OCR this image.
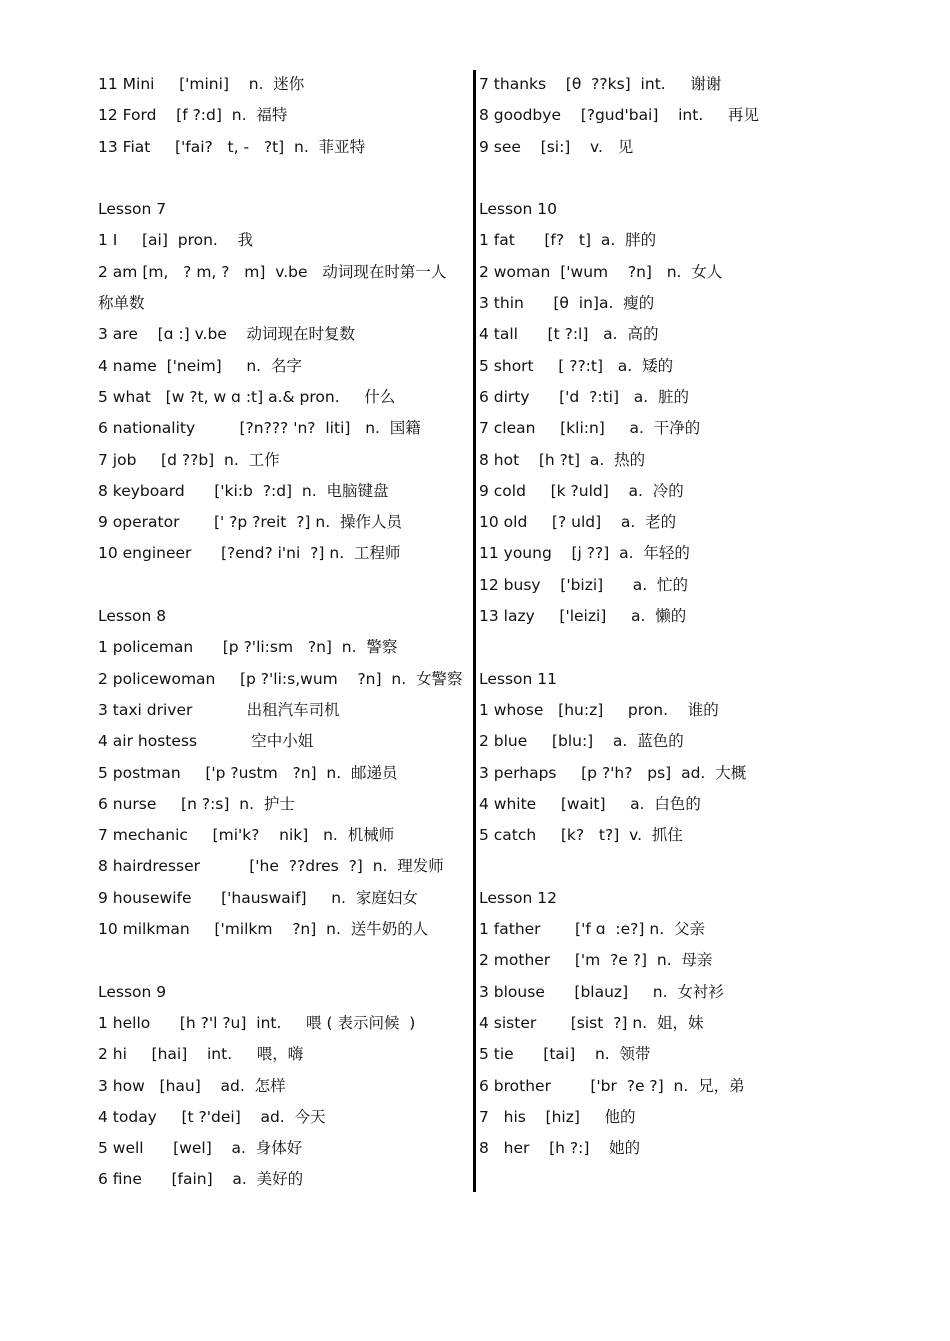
11 Mini     ['mini]    n.  迷你
12 Ford    [f ?:d]  n.  福特
13 Fiat     ['fai?   t, -   ?t]  n.  菲亚特
Lesson 7
1 I     [ai]  pron.    我
2 am [m,   ? m, ?   m]  v.be   动词现在时第一人
称单数
3 are    [ɑ :] v.be    动词现在时复数
4 name  ['neim]     n.  名字
5 what   [w ?t, w ɑ :t] a.& pron.     什么
6 nationality         [?n??? 'n?  liti]   n.  国籍
7 job     [d ??b]  n.  工作
8 keyboard      ['ki:b  ?:d]  n.  电脑键盘
9 operator       [' ?p ?reit  ?] n.  操作人员
10 engineer      [?end? i'ni  ?] n.  工程师
Lesson 8
1 policeman      [p ?'li:sm   ?n]  n.  警察
2 policewoman     [p ?'li:s,wum    ?n]  n.  女警察
3 taxi driver           出租汽车司机
4 air hostess           空中小姐
5 postman     ['p ?ustm   ?n]  n.  邮递员
6 nurse     [n ?:s]  n.  护士
7 mechanic     [mi'k?    nik]   n.  机械师
8 hairdresser          ['he  ??dres  ?]  n.  理发师
9 housewife      ['hauswaif]     n.  家庭妇女
10 milkman     ['milkm    ?n]  n.  送牛奶的人
Lesson 9
1 hello      [h ?'l ?u]  int.     喂 ( 表示问候  )
2 hi     [hai]    int.     喂，嗨
3 how   [hau]    ad.  怎样
4 today     [t ?'dei]    ad.  今天
5 well      [wel]    a.  身体好
6 fine      [fain]    a.  美好的
7 thanks    [θ  ??ks]  int.     谢谢
8 goodbye    [?gud'bai]    int.     再见
9 see    [si:]    v.   见
Lesson 10
1 fat      [f?   t]  a.  胖的
2 woman  ['wum    ?n]   n.  女人
3 thin      [θ  in]a.  瘦的
4 tall      [t ?:l]   a.  高的
5 short     [ ??:t]   a.  矮的
6 dirty      ['d  ?:ti]   a.  脏的
7 clean     [kli:n]     a.  干净的
8 hot    [h ?t]  a.  热的
9 cold     [k ?uld]    a.  冷的
10 old     [? uld]    a.  老的
11 young    [j ??]  a.  年轻的
12 busy    ['bizi]      a.  忙的
13 lazy     ['leizi]     a.  懒的
Lesson 11
1 whose   [hu:z]     pron.    谁的
2 blue     [blu:]    a.  蓝色的
3 perhaps     [p ?'h?   ps]  ad.  大概
4 white     [wait]     a.  白色的
5 catch     [k?   t?]  v.  抓住
Lesson 12
1 father       ['f ɑ  :e?] n.  父亲
2 mother     ['m  ?e ?]  n.  母亲
3 blouse      [blauz]     n.  女衬衫
4 sister       [sist  ?] n.  姐，妹
5 tie      [tai]    n.  领带
6 brother        ['br  ?e ?]  n.  兄，弟
7   his    [hiz]     他的
8   her    [h ?:]    她的
